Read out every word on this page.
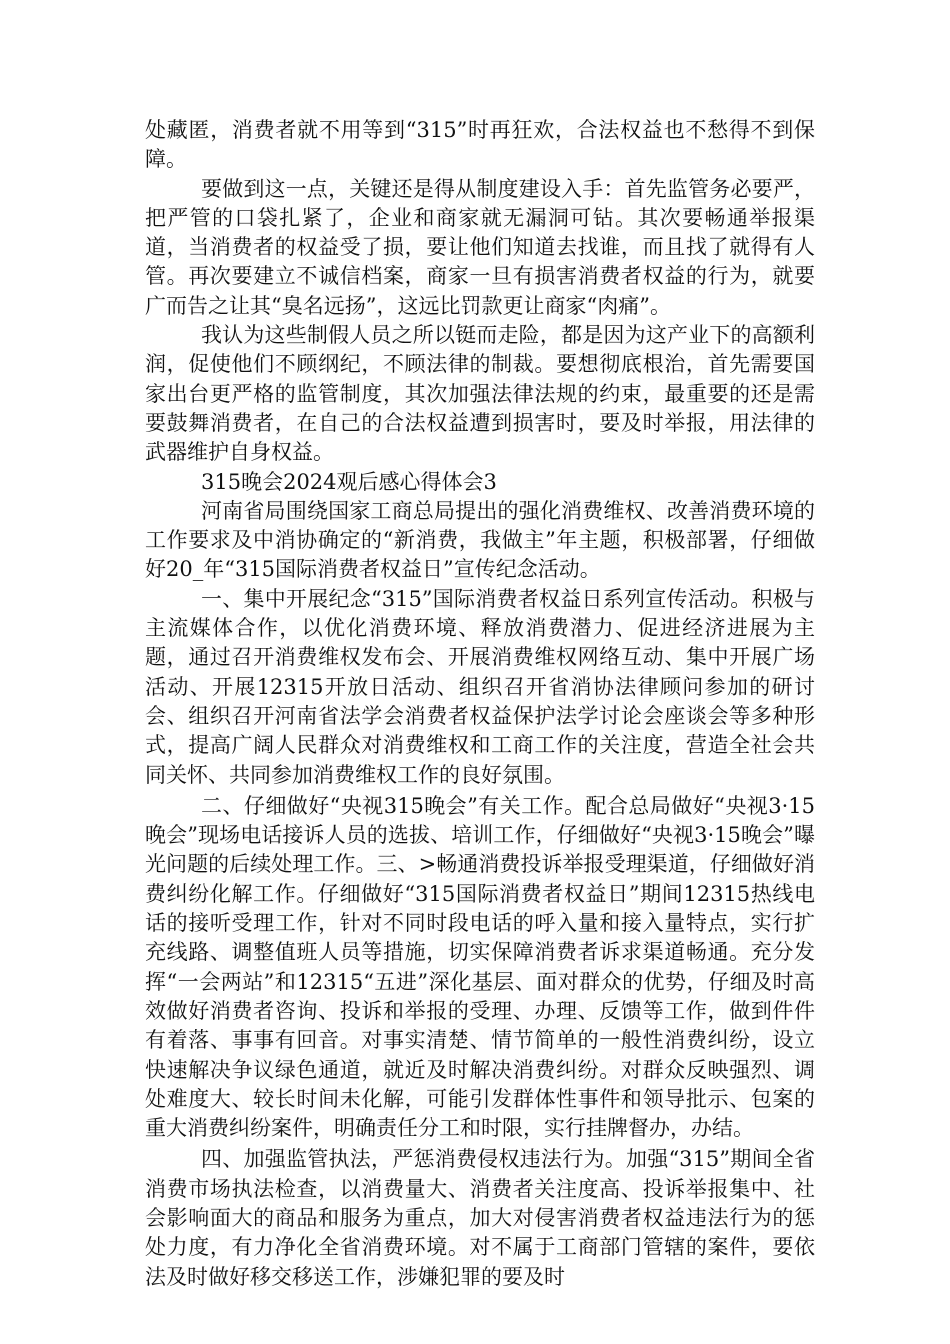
处藏匿，消费者就不用等到“315”时再狂欢，合法权益也不愁得不到保障。

要做到这一点，关键还是得从制度建设入手：首先监管务必要严，把严管的口袋扎紧了，企业和商家就无漏洞可钻。其次要畅通举报渠道，当消费者的权益受了损，要让他们知道去找谁，而且找了就得有人管。再次要建立不诚信档案，商家一旦有损害消费者权益的行为，就要广而告之让其“臭名远扬”，这远比罚款更让商家“肉痛”。

我认为这些制假人员之所以铤而走险，都是因为这产业下的高额利润，促使他们不顾纲纪，不顾法律的制裁。要想彻底根治，首先需要国家出台更严格的监管制度，其次加强法律法规的约束，最重要的还是需要鼓舞消费者，在自己的合法权益遭到损害时，要及时举报，用法律的武器维护自身权益。

315晚会2024观后感心得体会3

河南省局围绕国家工商总局提出的强化消费维权、改善消费环境的工作要求及中消协确定的“新消费，我做主”年主题，积极部署，仔细做好20_年“315国际消费者权益日”宣传纪念活动。

一、集中开展纪念“315”国际消费者权益日系列宣传活动。积极与主流媒体合作，以优化消费环境、释放消费潜力、促进经济进展为主题，通过召开消费维权发布会、开展消费维权网络互动、集中开展广场活动、开展12315开放日活动、组织召开省消协法律顾问参加的研讨会、组织召开河南省法学会消费者权益保护法学讨论会座谈会等多种形式，提高广阔人民群众对消费维权和工商工作的关注度，营造全社会共同关怀、共同参加消费维权工作的良好氛围。

二、仔细做好“央视315晚会”有关工作。配合总局做好“央视3·15晚会”现场电话接诉人员的选拔、培训工作，仔细做好“央视3·15晚会”曝光问题的后续处理工作。三、>畅通消费投诉举报受理渠道，仔细做好消费纠纷化解工作。仔细做好“315国际消费者权益日”期间12315热线电话的接听受理工作，针对不同时段电话的呼入量和接入量特点，实行扩充线路、调整值班人员等措施，切实保障消费者诉求渠道畅通。充分发挥“一会两站”和12315“五进”深化基层、面对群众的优势，仔细及时高效做好消费者咨询、投诉和举报的受理、办理、反馈等工作，做到件件有着落、事事有回音。对事实清楚、情节简单的一般性消费纠纷，设立快速解决争议绿色通道，就近及时解决消费纠纷。对群众反映强烈、调处难度大、较长时间未化解，可能引发群体性事件和领导批示、包案的重大消费纠纷案件，明确责任分工和时限，实行挂牌督办，办结。

四、加强监管执法，严惩消费侵权违法行为。加强“315”期间全省消费市场执法检查，以消费量大、消费者关注度高、投诉举报集中、社会影响面大的商品和服务为重点，加大对侵害消费者权益违法行为的惩处力度，有力净化全省消费环境。对不属于工商部门管辖的案件，要依法及时做好移交移送工作，涉嫌犯罪的要及时
